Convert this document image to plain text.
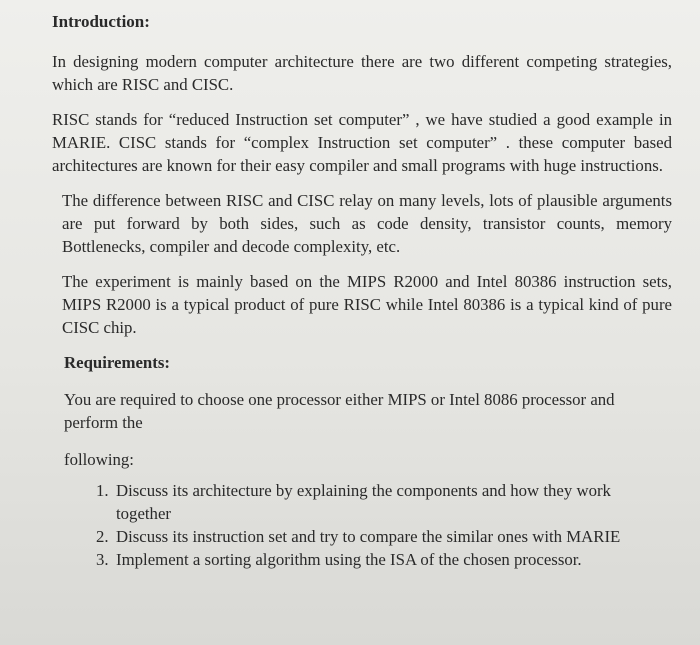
Introduction:

In designing modern computer architecture there are two different competing strategies, which are RISC and CISC.

RISC stands for “reduced Instruction set computer” , we have studied a good example in MARIE. CISC stands for “complex Instruction set computer” . these computer based architectures are known for their easy compiler and small programs with huge instructions.

The difference between RISC and CISC relay on many levels, lots of plausible arguments are put forward by both sides, such as code density, transistor counts, memory Bottlenecks, compiler and decode complexity, etc.

The experiment is mainly based on the MIPS R2000 and Intel 80386 instruction sets, MIPS R2000 is a typical product of pure RISC while Intel 80386 is a typical kind of pure CISC chip.

Requirements:
You are required to choose one processor either MIPS or Intel 8086 processor and perform the
following:
1. Discuss its architecture by explaining the components and how they work together
2. Discuss its instruction set and try to compare the similar ones with MARIE
3. Implement a sorting algorithm using the ISA of the chosen processor.
